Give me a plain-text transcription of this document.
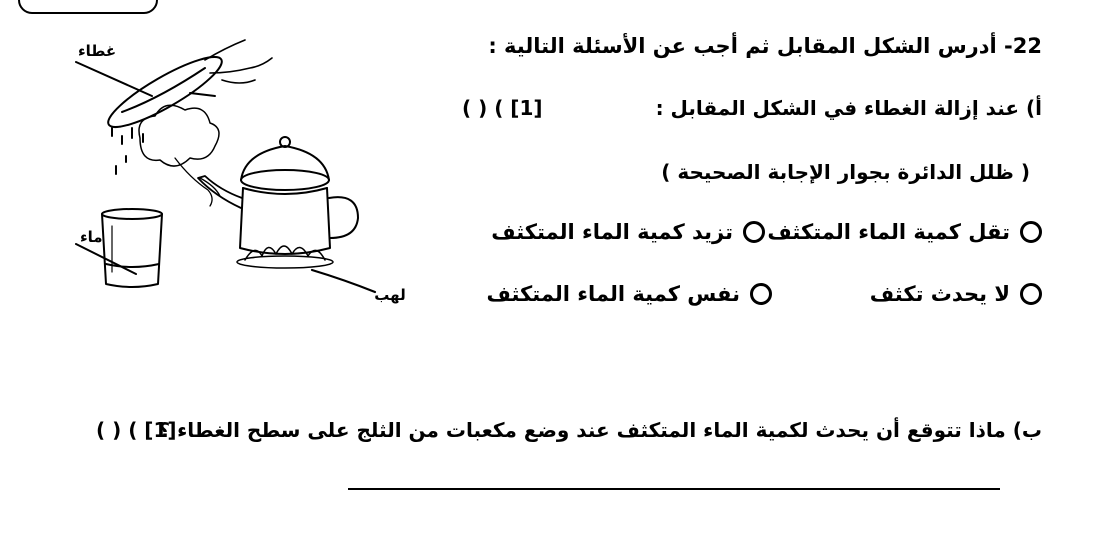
22- أدرس الشكل المقابل ثم أجب عن الأسئلة التالية :
أ) عند إزالة الغطاء في الشكل المقابل :
( ) ( [1]
( ظلل الدائرة بجوار الإجابة الصحيحة )
تقل كمية الماء المتكثف
تزيد كمية الماء المتكثف
لا يحدث تكثف
نفس كمية الماء المتكثف
ب) ماذا تتوقع أن يحدث لكمية الماء المتكثف عند وضع مكعبات من الثلج على سطح الغطاء ؟
( ) ( [1]
غطاء
ماء
لهب
